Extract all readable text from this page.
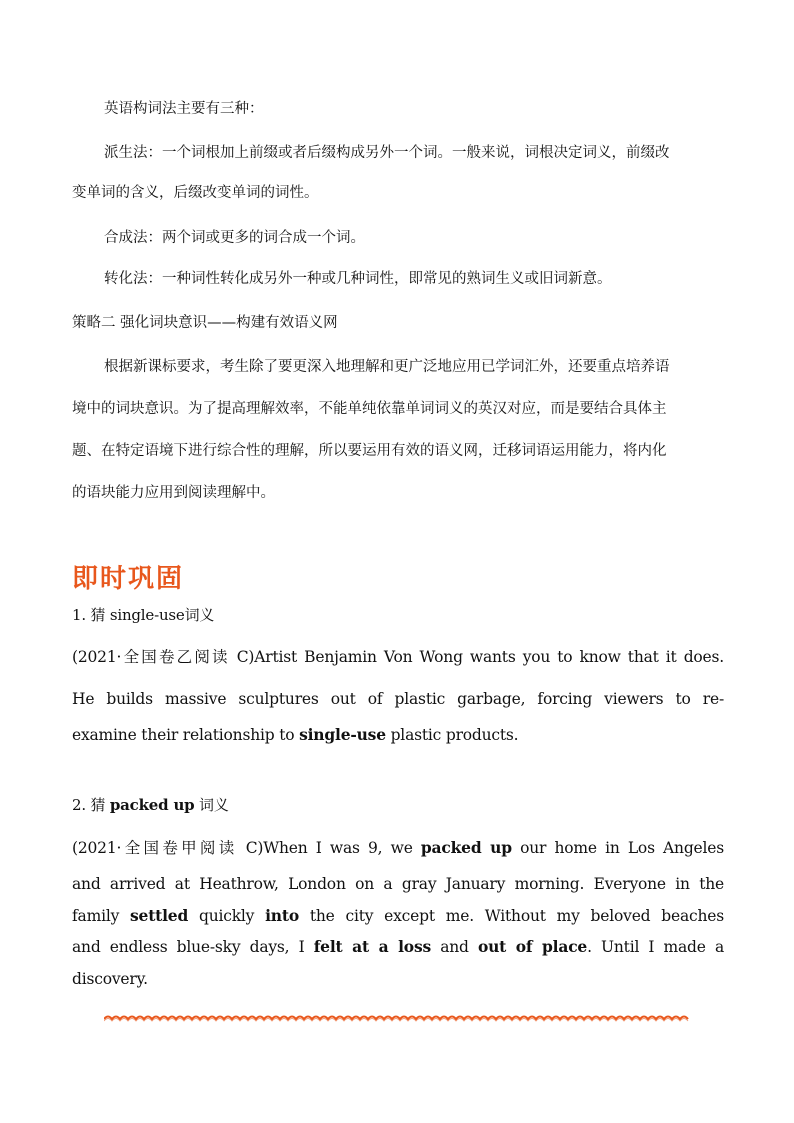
英语构词法主要有三种：
派生法：一个词根加上前缀或者后缀构成另外一个词。一般来说，词根决定词义，前缀改
变单词的含义，后缀改变单词的词性。
合成法：两个词或更多的词合成一个词。
转化法：一种词性转化成另外一种或几种词性，即常见的熟词生义或旧词新意。
策略二 强化词块意识——构建有效语义网
根据新课标要求，考生除了要更深入地理解和更广泛地应用已学词汇外，还要重点培养语
境中的词块意识。为了提高理解效率，不能单纯依靠单词词义的英汉对应，而是要结合具体主
题、在特定语境下进行综合性的理解，所以要运用有效的语义网，迁移词语运用能力，将内化
的语块能力应用到阅读理解中。
即时巩固
1. 猜 single-use词义
(2021·全国卷乙阅读 C)Artist Benjamin Von Wong wants you to know that it does.
He builds massive sculptures out of plastic garbage, forcing viewers to re-
examine their relationship to single-use plastic products.
2. 猜 packed up 词义
(2021·全国卷甲阅读 C)When I was 9, we packed up our home in Los Angeles
and arrived at Heathrow, London on a gray January morning. Everyone in the
family settled quickly into the city except me. Without my beloved beaches
and endless blue-sky days, I felt at a loss and out of place. Until I made a
discovery.
